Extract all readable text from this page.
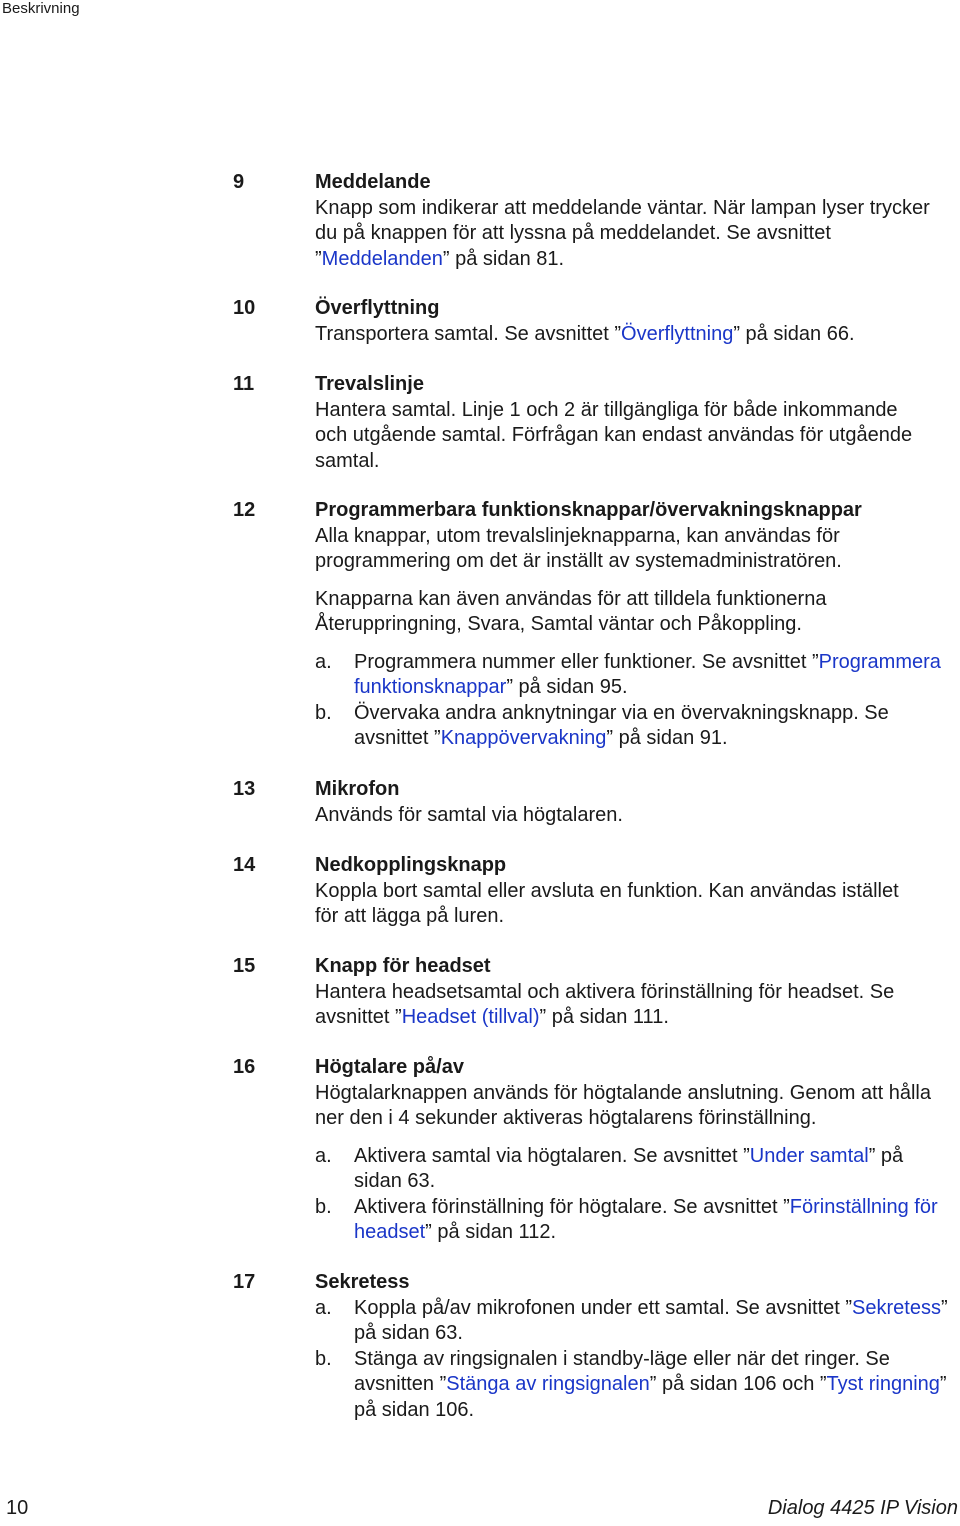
Beskrivning
9	Meddelande

Knapp som indikerar att meddelande väntar. När lampan lyser trycker du på knappen för att lyssna på meddelandet. Se avsnittet ”Meddelanden” på sidan 81.

10	Överflyttning

Transportera samtal. Se avsnittet ”Överflyttning” på sidan 66.

11	Trevalslinje

Hantera samtal. Linje 1 och 2 är tillgängliga för både inkommande och utgående samtal. Förfrågan kan endast användas för utgående samtal.

12	Programmerbara funktionsknappar/övervakningsknappar

Alla knappar, utom trevalslinjeknapparna, kan användas för programmering om det är inställt av systemadministratören.

Knapparna kan även användas för att tilldela funktionerna Återuppringning, Svara, Samtal väntar och Påkoppling.

a. Programmera nummer eller funktioner. Se avsnittet ”Programmera funktionsknappar” på sidan 95.
b. Övervaka andra anknytningar via en övervakningsknapp. Se avsnittet ”Knappövervakning” på sidan 91.
13	Mikrofon

Används för samtal via högtalaren.

14	Nedkopplingsknapp

Koppla bort samtal eller avsluta en funktion. Kan användas istället för att lägga på luren.

15	Knapp för headset

Hantera headsetsamtal och aktivera förinställning för headset. Se avsnittet ”Headset (tillval)” på sidan 111.

16	Högtalare på/av

Högtalarknappen används för högtalande anslutning. Genom att hålla ner den i 4 sekunder aktiveras högtalarens förinställning.

a. Aktivera samtal via högtalaren. Se avsnittet ”Under samtal” på sidan 63.
b. Aktivera förinställning för högtalare. Se avsnittet ”Förinställning för headset” på sidan 112.
17	Sekretess
a. Koppla på/av mikrofonen under ett samtal. Se avsnittet ”Sekretess” på sidan 63.
b. Stänga av ringsignalen i standby-läge eller när det ringer. Se avsnitten ”Stänga av ringsignalen” på sidan 106 och ”Tyst ringning” på sidan 106.
10	Dialog 4425 IP Vision
